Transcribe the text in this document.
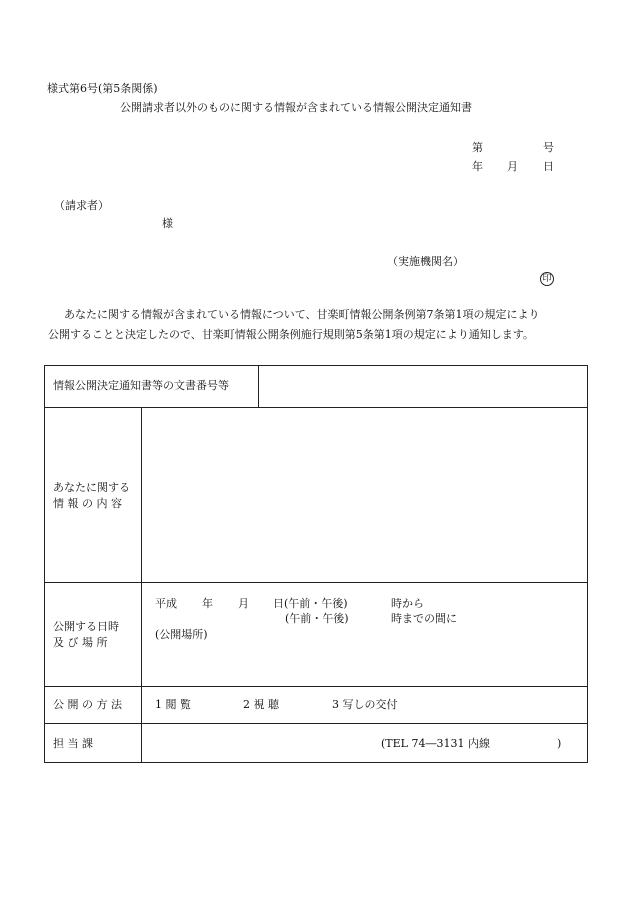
様式第6号(第5条関係)
公開請求者以外のものに関する情報が含まれている情報公開決定通知書
第	号
年 月 日
（請求者）
様
（実施機関名）
印
あなたに関する情報が含まれている情報について、甘楽町情報公開条例第7条第1項の規定により
公開することと決定したので、甘楽町情報公開条例施行規則第5条第1項の規定により通知します。
情報公開決定通知書等の文書番号等
あなたに関する
情 報 の 内 容
公開する日時
及 び 場 所
平成 年 月 日(午前・午後)	時から
(午前・午後)	時までの間に
(公開場所)
公 開 の 方 法	1 閲 覧	2 視 聴	3 写しの交付
担 当 課	(TEL 74―3131 内線	)
